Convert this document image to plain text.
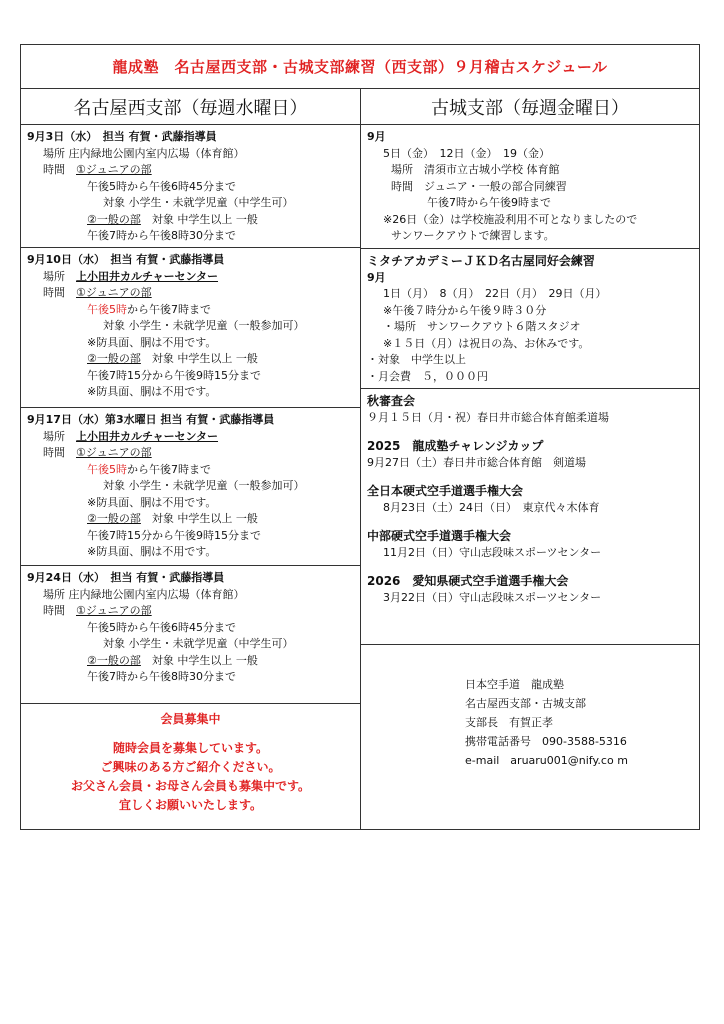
龍成塾　名古屋西支部・古城支部練習（西支部）９月稽古スケジュール
名古屋西支部（毎週水曜日）	古城支部（毎週金曜日）
9月3日（水）　担当 有賀・武藤指導員
場所 庄内緑地公園内室内広場（体育館）
時間　 ①ジュニアの部
午後5時から午後6時45分まで
対象 小学生・未就学児童（中学生可）
②一般の部　 対象 中学生以上 一般
午後7時から午後8時30分まで
9月10日（水）　担当 有賀・武藤指導員
場所　 上小田井カルチャーセンター
時間　 ①ジュニアの部
午後5時から午後7時まで
対象 小学生・未就学児童（一般参加可）
※防具面、胴は不用です。
②一般の部　 対象 中学生以上 一般
午後7時15分から午後9時15分まで
※防具面、胴は不用です。
9月17日（水）第3水曜日 担当 有賀・武藤指導員
場所　 上小田井カルチャーセンター
時間　 ①ジュニアの部
午後5時から午後7時まで
対象 小学生・未就学児童（一般参加可）
※防具面、胴は不用です。
②一般の部　 対象 中学生以上 一般
午後7時15分から午後9時15分まで
※防具面、胴は不用です。
9月24日（水）　担当 有賀・武藤指導員
場所 庄内緑地公園内室内広場（体育館）
時間　 ①ジュニアの部
午後5時から午後6時45分まで
対象 小学生・未就学児童（中学生可）
②一般の部　 対象 中学生以上 一般
午後7時から午後8時30分まで
会員募集中
随時会員を募集しています。
ご興味のある方ご紹介ください。
お父さん会員・お母さん会員も募集中です。
宜しくお願いいたします。
9月
5日（金）　12日（金）　19（金）
場所　清須市立古城小学校 体育館
時間　ジュニア・一般の部合同練習
午後7時から午後9時まで
※26日（金）は学校施設利用不可となりましたので
サンワークアウトで練習します。
ミタチアカデミーＪＫＤ名古屋同好会練習
9月
1日（月）　8（月）　22日（月）　29日（月）
※午後７時分から午後９時３０分
・場所　サンワークアウト６階スタジオ
※１５日（月）は祝日の為、お休みです。
・対象　中学生以上
・月会費　５，０００円
秋審査会
９月１５日（月・祝）春日井市総合体育館柔道場
2025　龍成塾チャレンジカップ
9月27日（土）春日井市総合体育館　剣道場
全日本硬式空手道選手権大会
8月23日（土）24日（日）　東京代々木体育
中部硬式空手道選手権大会
11月2日（日）守山志段味スポーツセンター
2026　愛知県硬式空手道選手権大会
3月22日（日）守山志段味スポーツセンター
日本空手道　龍成塾
名古屋西支部・古城支部
支部長　有賀正孝
携帯電話番号　090-3588-5316
e-mail　aruaru001@nify.co m
